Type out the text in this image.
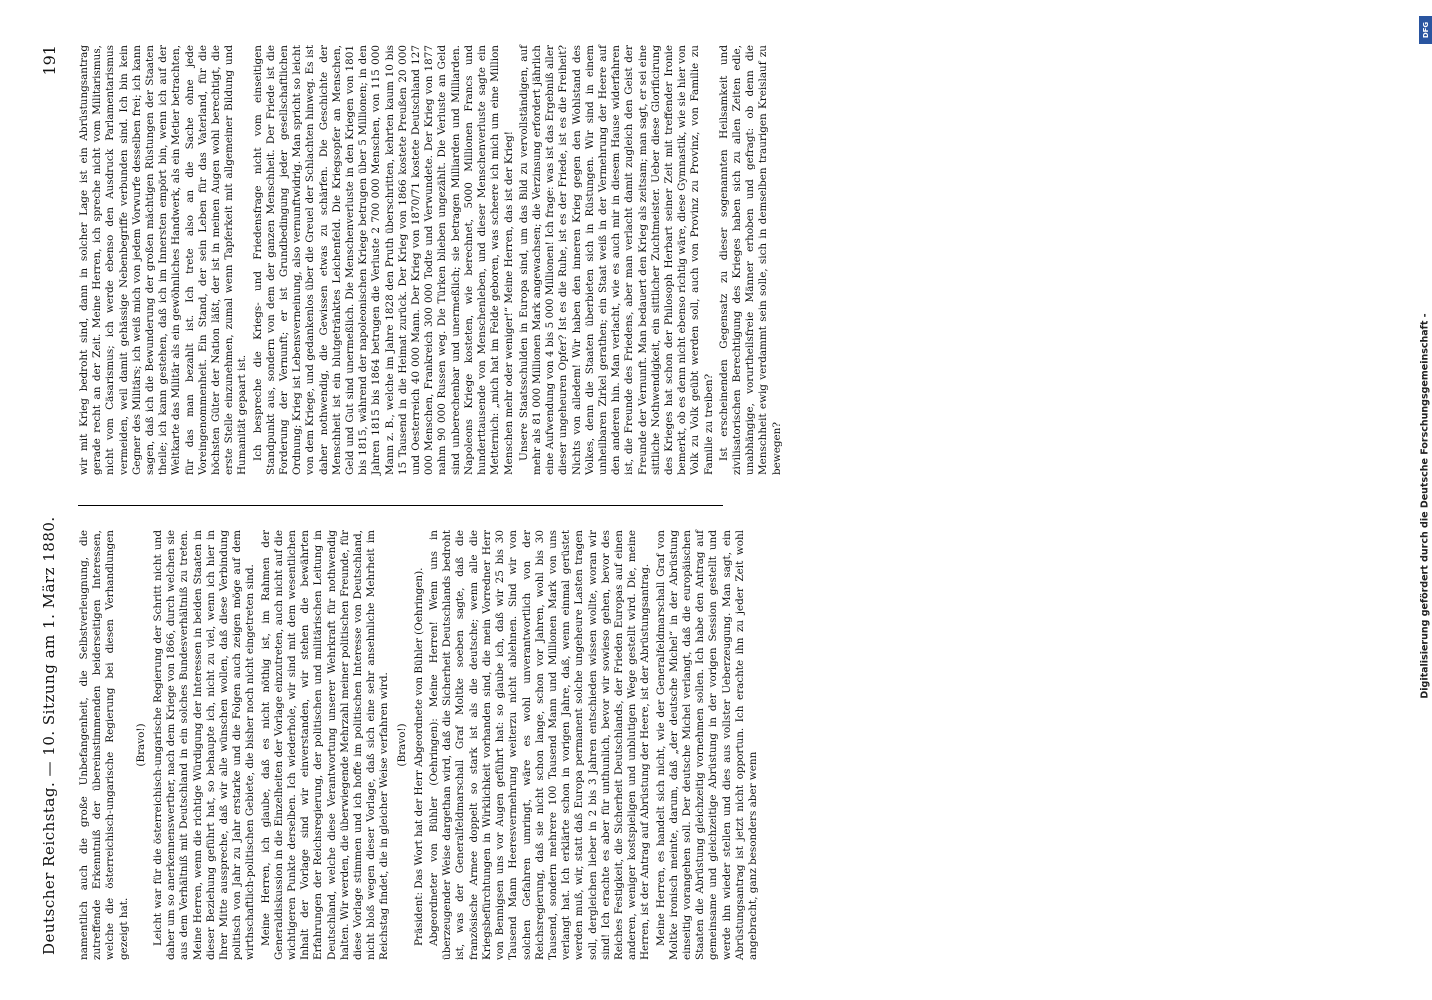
Deutscher Reichstag. — 10. Sitzung am 1. März 1880.
191

namentlich auch die große Unbefangenheit, die Selbstverleugnung, die zutreffende Erkenntniß der übereinstimmenden beiderseitigen Interessen, welche die österreichisch-ungarische Regierung bei diesen Verhandlungen gezeigt hat.

(Bravo!) Leicht war für die österreichisch-ungarische Regierung der Schritt nicht und daher um so anerkennenswerther, nach dem Kriege von 1866, durch welchen sie aus dem Verhältniß mit Deutschland in ein solches Bundesverhältniß zu treten. Meine Herren, wenn die richtige Würdigung der Interessen in beiden Staaten in dieser Beziehung geführt hat, so behaupte ich, nicht zu viel, wenn ich hier in Ihrer Mitte ausspreche, daß wir alle wünschen wollen, daß diese Verbindung politisch von Jahr zu Jahr erstarke und die Folgen auch zeigen möge auf dem wirthschaftlich-politischen Gebiete, die bisher noch nicht eingetreten sind. Meine Herren, ich glaube, daß es nicht nöthig ist, im Rahmen der Generaldiskussion in die Einzelheiten der Vorlage einzutreten, auch nicht auf die wichtigeren Punkte derselben. Ich wiederhole, wir sind mit dem wesentlichen Inhalt der Vorlage sind wir einverstanden, wir stehen die bewährten Erfahrungen der Reichsregierung, der politischen und militärischen Leitung in Deutschland, welche diese Verantwortung unserer Wehrkraft für nothwendig halten. Wir werden, die überwiegende Mehrzahl meiner politischen Freunde, für diese Vorlage stimmen und ich hoffe im politischen Interesse von Deutschland, nicht bloß wegen dieser Vorlage, daß sich eine sehr ansehnliche Mehrheit im Reichstag findet, die in gleicher Weise verfahren wird. (Bravo!) Präsident: Das Wort hat der Herr Abgeordnete von Bühler (Oehringen). Abgeordneter von Bühler (Oehringen): Meine Herren! Wenn uns in überzeugender Weise dargethan wird, daß die Sicherheit Deutschlands bedroht ist, was der Generalfeldmarschall Graf Moltke soeben sagte, daß die französische Armee doppelt so stark ist als die deutsche; wenn alle die Kriegsbefürchtungen in Wirklichkeit vorhanden sind, die mein Vorredner Herr von Bennigsen uns vor Augen geführt hat: so glaube ich, daß wir 25 bis 30 Tausend Mann Heeresvermehrung weiterzu nicht ablehnen. Sind wir von solchen Gefahren umringt, wäre es wohl unverantwortlich von der Reichsregierung, daß sie nicht schon lange, schon vor Jahren, wohl bis 30 Tausend, sondern mehrere 100 Tausend Mann und Millionen Mark von uns verlangt hat. Ich erklärte schon in vorigen Jahre, daß, wenn einmal gerüstet werden muß, wir, statt daß Europa permanent solche ungeheure Lasten tragen soll, dergleichen lieber in 2 bis 3 Jahren entschieden wissen wollte, woran wir sind! Ich erachte es aber für unthunlich, bevor wir sowieso gehen, bevor des Reiches Festigkeit, die Sicherheit Deutschlands, der Frieden Europas auf einen anderen, weniger kostspieligen und unblutigen Wege gestellt wird. Die, meine Herren, ist der Antrag auf Abrüstung der Heere, ist der Abrüstungsantrag. Meine Herren, es handelt sich nicht, wie der Generalfeldmarschall Graf von Moltke ironisch meinte, darum, daß „der deutsche Michel“ in der Abrüstung einseitig vorangehen soll. Der deutsche Michel verlangt, daß die europäischen Staaten die Abrüstung gleichzeitig vornehmen sollen. Ich habe den Antrag auf gemeinsame und gleichzeitige Abrüstung in der vorigen Session gestellt und werde ihn wieder stellen und dies aus vollster Ueberzeugung. Man sagt, ein Abrüstungsantrag ist jetzt nicht opportun. Ich erachte ihn zu jeder Zeit wohl angebracht, ganz besonders aber wenn

wir mit Krieg bedroht sind, dann in solcher Lage ist ein Abrüstungsantrag gerade recht an der Zeit. Meine Herren, ich spreche nicht vom Militarismus, nicht vom Cäsarismus; ich werde ebenso den Ausdruck Parlamentarismus vermeiden, weil damit gehässige Nebenbegriffe verbunden sind. Ich bin kein Gegner des Militärs; ich weiß mich von jedem Vorwurfe desselben frei; ich kann sagen, daß ich die Bewunderung der großen mächtigen Rüstungen der Staaten theile; ich kann gestehen, daß ich im Innersten empört bin, wenn ich auf der Weltkarte das Militär als ein gewöhnliches Handwerk, als ein Metier betrachten, für das man bezahlt ist. Ich trete also an die Sache ohne jede Voreingenommenheit. Ein Stand, der sein Leben für das Vaterland, für die höchsten Güter der Nation läßt, der ist in meinen Augen wohl berechtigt, die erste Stelle einzunehmen, zumal wenn Tapferkeit mit allgemeiner Bildung und Humanität gepaart ist. Ich bespreche die Kriegs- und Friedensfrage nicht vom einseitigen Standpunkt aus, sondern von dem der ganzen Menschheit. Der Friede ist die Forderung der Vernunft; er ist Grundbedingung jeder gesellschaftlichen Ordnung; Krieg ist Lebensverneinung, also vernunftwidrig. Man spricht so leicht von dem Kriege, und gedankenlos über die Greuel der Schlachten hinweg. Es ist daher nothwendig, die Gewissen etwas zu schärfen. Die Geschichte der Menschheit ist ein blutgetränktes Leichenfeld. Die Kriegsopfer an Menschen, Geld und Gut sind unermeßlich. Die Menschenverluste in den Kriegen von 1801 bis 1815, während der napoleonischen Kriege betrugen über 5 Millionen; in den Jahren 1815 bis 1864 betrugen die Verluste 2 700 000 Menschen, von 115 000 Mann z. B., welche im Jahre 1828 den Pruth überschritten, kehrten kaum 10 bis 15 Tausend in die Heimat zurück. Der Krieg von 1866 kostete Preußen 20 000 und Oesterreich 40 000 Mann. Der Krieg von 1870/71 kostete Deutschland 127 000 Menschen, Frankreich 300 000 Todte und Verwundete. Der Krieg von 1877 nahm 90 000 Russen weg. Die Türken blieben ungezählt. Die Verluste an Geld sind unberechenbar und unermeßlich; sie betragen Milliarden und Milliarden. Napoleons Kriege kosteten, wie berechnet, 5000 Millionen Francs und hunderttausende von Menschenleben, und dieser Menschenverluste sagte ein Metternich: „mich hat im Felde geboren, was scheere ich mich um eine Million Menschen mehr oder weniger!“ Meine Herren, das ist der Krieg! Unsere Staatsschulden in Europa sind, um das Bild zu vervollständigen, auf mehr als 81 000 Millionen Mark angewachsen; die Verzinsung erfordert jährlich eine Aufwendung von 4 bis 5 000 Millionen! Ich frage: was ist das Ergebniß aller dieser ungeheuren Opfer? Ist es die Ruhe, ist es der Friede, ist es die Freiheit? Nichts von alledem! Wir haben den inneren Krieg gegen den Wohlstand des Volkes, denn die Staaten überbieten sich in Rüstungen. Wir sind in einem unheilbaren Zirkel gerathen; ein Staat weiß in der Vermehrung der Heere auf den anderen hin. Man verlacht, wie es auch mir in diesem Hause widerfahren ist, die Freunde des Friedens, aber man verlacht damit zugleich den Geist der Freunde der Vernunft. Man bedauert den Krieg als zeitsam; man sagt, er sei eine sittliche Nothwendigkeit, ein sittlicher Zuchtmeister. Ueber diese Glorificirung des Krieges hat schon der Philosoph Herbart seiner Zeit mit treffender Ironie bemerkt, ob es denn nicht ebenso richtig wäre, diese Gymnastik, wie sie hier von Volk zu Volk geübt werden soll, auch von Provinz zu Provinz, von Familie zu Familie zu treiben? Ist erscheinenden Gegensatz zu dieser sogenannten Heilsamkeit und zivilisatorischen Berechtigung des Krieges haben sich zu allen Zeiten edle, unabhängige, vorurtheilsfreie Männer erhoben und gefragt: ob denn die Menschheit ewig verdammt sein solle, sich in demselben traurigen Kreislauf zu bewegen?

DFG
Digitalisierung gefördert durch die Deutsche Forschungsgemeinschaft -
